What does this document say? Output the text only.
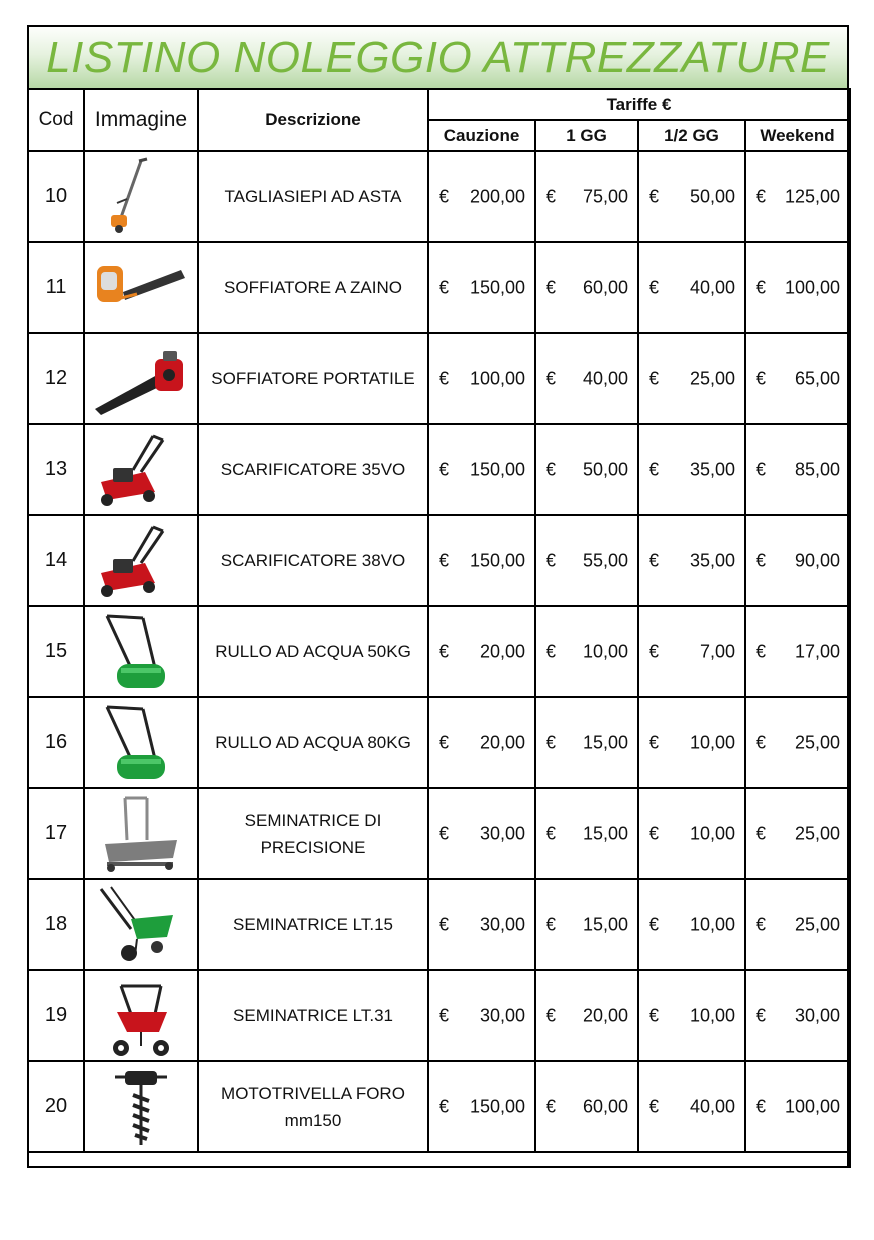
LISTINO NOLEGGIO ATTREZZATURE
Cod	Immagine	Descrizione	Tariffe €			
			Cauzione	1 GG	1/2 GG	Weekend
10		TAGLIASIEPI AD ASTA	€ 200,00	€ 75,00	€ 50,00	€ 125,00

11		SOFFIATORE A ZAINO	€ 150,00	€ 60,00	€ 40,00	€ 100,00

12		SOFFIATORE PORTATILE	€ 100,00	€ 40,00	€ 25,00	€ 65,00

13		SCARIFICATORE 35VO	€ 150,00	€ 50,00	€ 35,00	€ 85,00

14		SCARIFICATORE 38VO	€ 150,00	€ 55,00	€ 35,00	€ 90,00

15		RULLO AD ACQUA 50KG	€ 20,00	€ 10,00	€ 7,00	€ 17,00

16		RULLO AD ACQUA 80KG	€ 20,00	€ 15,00	€ 10,00	€ 25,00

17		SEMINATRICE DI PRECISIONE	€ 30,00	€ 15,00	€ 10,00	€ 25,00

18		SEMINATRICE LT.15	€ 30,00	€ 15,00	€ 10,00	€ 25,00

19		SEMINATRICE LT.31	€ 30,00	€ 20,00	€ 10,00	€ 30,00

20		MOTOTRIVELLA FORO mm150	€ 150,00	€ 60,00	€ 40,00	€ 100,00
